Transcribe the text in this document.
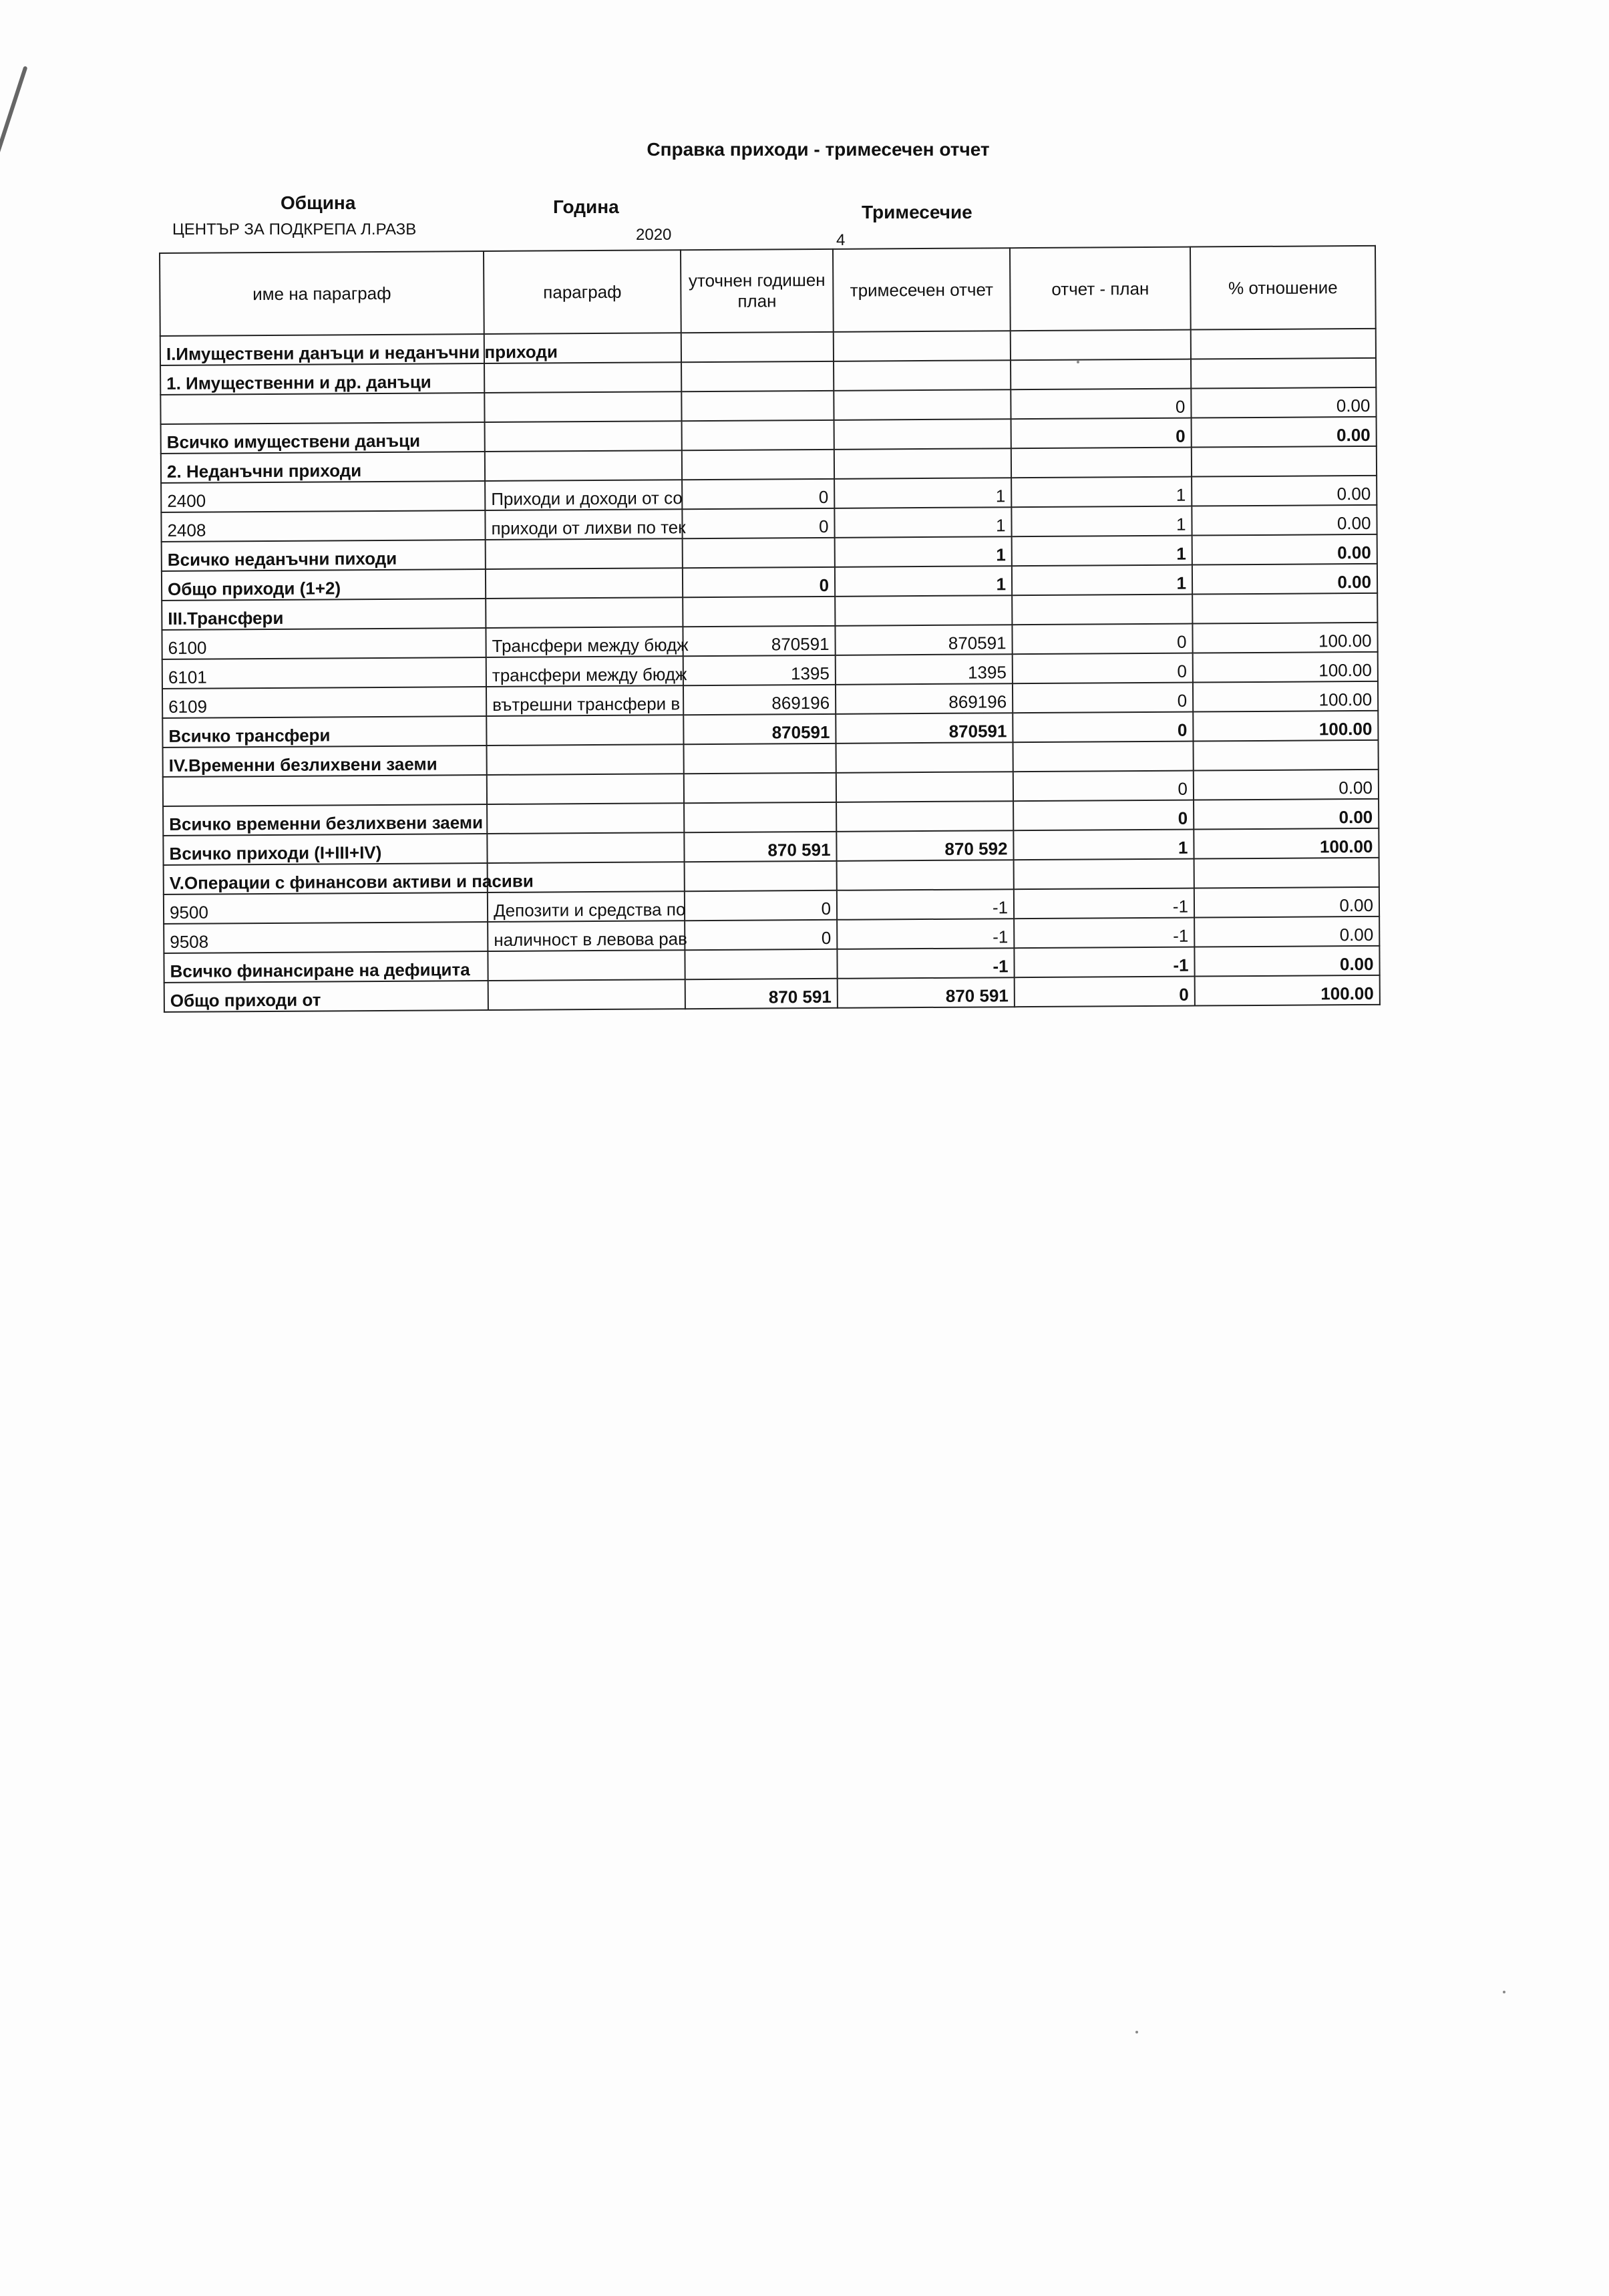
Справка приходи - тримесечен отчет
Община
ЦЕНТЪР ЗА ПОДКРЕПА Л.РАЗВ
Година
2020
Тримесечие
4
име на параграф	параграф	уточнен годишен план	тримесечен отчет	отчет - план	% отношение
I.Имуществени данъци и неданъчни приходи					
1. Имущественни и др. данъци					
				0	0.00
Всичко имуществени данъци				0	0.00
2. Неданъчни приходи					
2400	Приходи и доходи от со	0	1	1	0.00
2408	приходи от лихви по тек	0	1	1	0.00
Всичко неданъчни пиходи			1	1	0.00
Общо приходи (1+2)		0	1	1	0.00
III.Трансфери					
6100	Трансфери между бюдж	870591	870591	0	100.00
6101	трансфери между бюдж	1395	1395	0	100.00
6109	вътрешни трансфери в	869196	869196	0	100.00
Всичко трансфери		870591	870591	0	100.00
IV.Временни безлихвени заеми					
				0	0.00
Всичко временни безлихвени заеми				0	0.00
Всичко приходи (I+III+IV)		870 591	870 592	1	100.00
V.Операции с финансови активи и пасиви					
9500	Депозити и средства по	0	-1	-1	0.00
9508	наличност в левова рав	0	-1	-1	0.00
Всичко финансиране на дефицита			-1	-1	0.00
Общо приходи от		870 591	870 591	0	100.00
